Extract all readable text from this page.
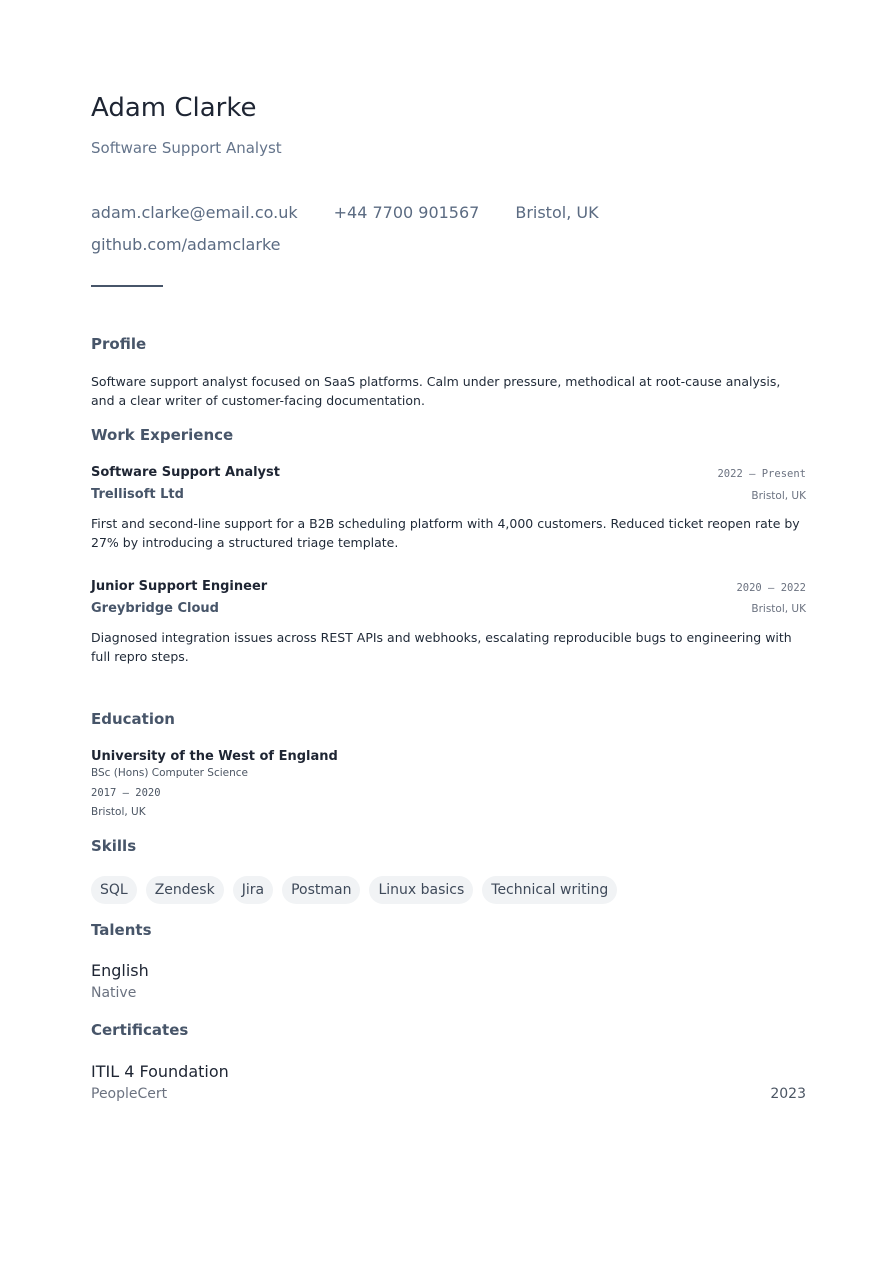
Adam Clarke
Software Support Analyst
adam.clarke@email.co.uk +44 7700 901567 Bristol, UK
github.com/adamclarke
Profile
Software support analyst focused on SaaS platforms. Calm under pressure, methodical at root-cause analysis, and a clear writer of customer-facing documentation.
Work Experience
Software Support Analyst	2022 — Present
Trellisoft Ltd	Bristol, UK
First and second-line support for a B2B scheduling platform with 4,000 customers. Reduced ticket reopen rate by 27% by introducing a structured triage template.
Junior Support Engineer	2020 — 2022
Greybridge Cloud	Bristol, UK
Diagnosed integration issues across REST APIs and webhooks, escalating reproducible bugs to engineering with full repro steps.
Education
University of the West of England
BSc (Hons) Computer Science
2017 — 2020
Bristol, UK
Skills
SQL	Zendesk	Jira	Postman	Linux basics	Technical writing
Talents
English
Native
Certificates
ITIL 4 Foundation
PeopleCert	2023
